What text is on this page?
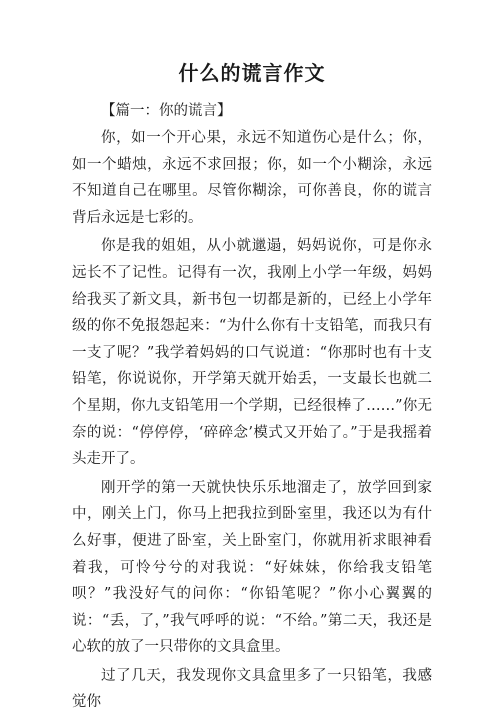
什么的谎言作文

【篇一：你的谎言】

你，如一个开心果，永远不知道伤心是什么；你，如一个蜡烛，永远不求回报；你，如一个小糊涂，永远不知道自己在哪里。尽管你糊涂，可你善良，你的谎言背后永远是七彩的。

你是我的姐姐，从小就邋遢，妈妈说你，可是你永远长不了记性。记得有一次，我刚上小学一年级，妈妈给我买了新文具，新书包一切都是新的，已经上小学年级的你不免报怨起来：“为什么你有十支铅笔，而我只有一支了呢？”我学着妈妈的口气说道：“你那时也有十支铅笔，你说说你，开学第天就开始丢，一支最长也就二个星期，你九支铅笔用一个学期，已经很棒了……”你无奈的说：“停停停，‘碎碎念’模式又开始了。”于是我摇着头走开了。

刚开学的第一天就快快乐乐地溜走了，放学回到家中，刚关上门，你马上把我拉到卧室里，我还以为有什么好事，便进了卧室，关上卧室门，你就用祈求眼神看着我，可怜兮兮的对我说：“好妹妹，你给我支铅笔呗？”我没好气的问你：“你铅笔呢？”你小心翼翼的说：“丢，了，”我气呼呼的说：“不给。”第二天，我还是心软的放了一只带你的文具盒里。

过了几天，我发现你文具盒里多了一只铅笔，我感觉你
